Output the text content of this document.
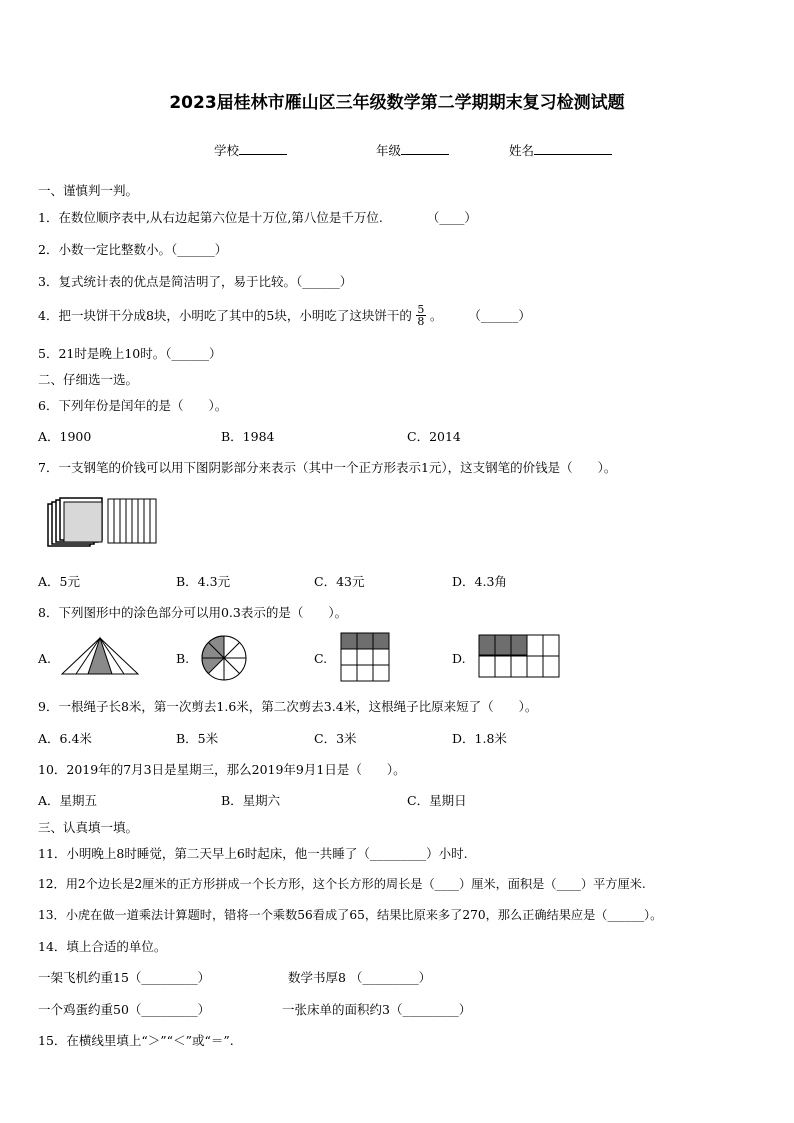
2023届桂林市雁山区三年级数学第二学期期末复习检测试题
学校	年级	姓名
一、谨慎判一判。
1．在数位顺序表中,从右边起第六位是十万位,第八位是千万位.	（____）
2．小数一定比整数小。（______）
3．复式统计表的优点是简洁明了，易于比较。（______）
4．把一块饼干分成8块，小明吃了其中的5块，小明吃了这块饼干的 $\frac{5}{8}$ 。 （______）
5．21时是晚上10时。（______）
二、仔细选一选。
6．下列年份是闰年的是（　　）。
A．1900	B．1984	C．2014
7．一支钢笔的价钱可以用下图阴影部分来表示（其中一个正方形表示1元），这支钢笔的价钱是（　　）。
A．5元	B．4.3元	C．43元	D．4.3角
8．下列图形中的涂色部分可以用0.3表示的是（　　）。
A.	B.	C.	D.
9．一根绳子长8米，第一次剪去1.6米，第二次剪去3.4米，这根绳子比原来短了（　　）。
A．6.4米	B．5米	C．3米	D．1.8米
10．2019年的7月3日是星期三，那么2019年9月1日是（　　）。
A．星期五	B．星期六	C．星期日
三、认真填一填。
11．小明晚上8时睡觉，第二天早上6时起床，他一共睡了（_________）小时.
12．用2个边长是2厘米的正方形拼成一个长方形，这个长方形的周长是（____）厘米，面积是（____）平方厘米.
13．小虎在做一道乘法计算题时，错将一个乘数56看成了65，结果比原来多了270，那么正确结果应是（______）。
14．填上合适的单位。
一架飞机约重15（_________）	数学书厚8 （_________）
一个鸡蛋约重50（_________）	一张床单的面积约3（_________）
15．在横线里填上“＞”“＜”或“＝”.
